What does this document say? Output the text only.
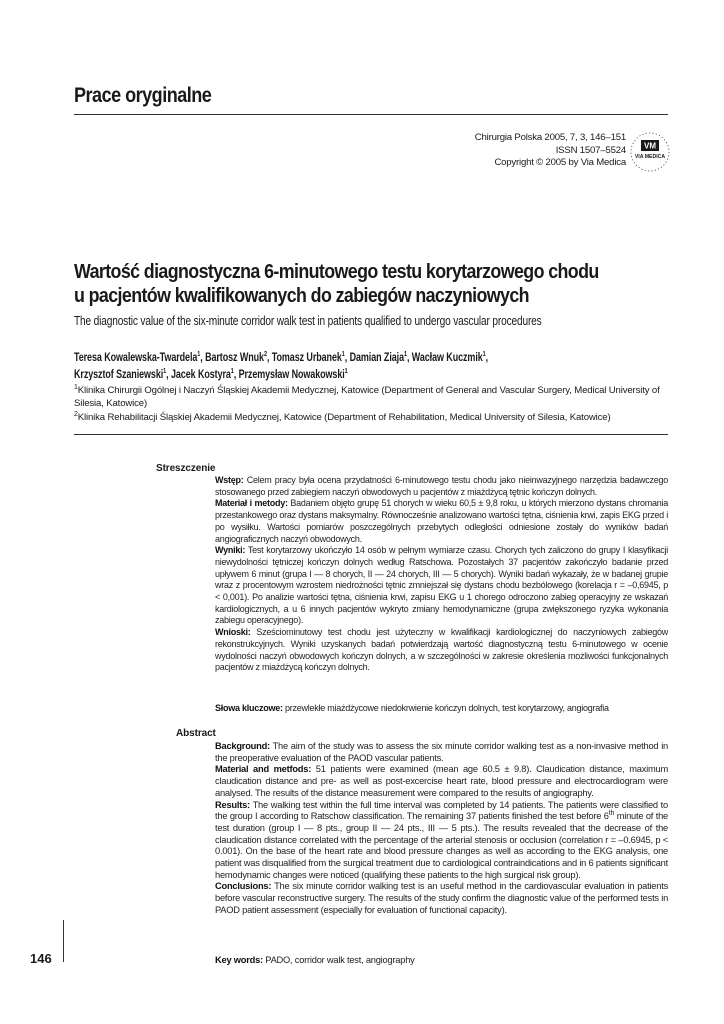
Prace oryginalne
Chirurgia Polska 2005, 7, 3, 146–151
ISSN 1507–5524
Copyright © 2005 by Via Medica
VM
VIA MEDICA
Wartość diagnostyczna 6-minutowego testu korytarzowego chodu
u pacjentów kwalifikowanych do zabiegów naczyniowych
The diagnostic value of the six-minute corridor walk test in patients qualified to undergo vascular procedures
Teresa Kowalewska-Twardela$^1$, Bartosz Wnuk$^2$, Tomasz Urbanek$^1$, Damian Ziaja$^1$, Wacław Kuczmik$^1$,
Krzysztof Szaniewski$^1$, Jacek Kostyra$^1$, Przemysław Nowakowski$^1$
$^1$Klinika Chirurgii Ogólnej i Naczyń Śląskiej Akademii Medycznej, Katowice (Department of General and Vascular Surgery, Medical University of Silesia, Katowice)
$^2$Klinika Rehabilitacji Śląskiej Akademii Medycznej, Katowice (Department of Rehabilitation, Medical University of Silesia, Katowice)
Streszczenie

Wstęp: Celem pracy była ocena przydatności 6-minutowego testu chodu jako nieinwazyjnego narzędzia badawczego stosowanego przed zabiegiem naczyń obwodowych u pacjentów z miażdżycą tętnic kończyn dolnych.

Materiał i metody: Badaniem objęto grupę 51 chorych w wieku 60,5 ± 9,8 roku, u których mierzono dystans chromania przestankowego oraz dystans maksymalny. Równocześnie analizowano wartości tętna, ciśnienia krwi, zapis EKG przed i po wysiłku. Wartości pomiarów poszczególnych przebytych odległości odniesione zostały do wyników badań angiograficznych naczyń obwodowych.

Wyniki: Test korytarzowy ukończyło 14 osób w pełnym wymiarze czasu. Chorych tych zaliczono do grupy I klasyfikacji niewydolności tętniczej kończyn dolnych według Ratschowa. Pozostałych 37 pacjentów zakończyło badanie przed upływem 6 minut (grupa I — 8 chorych, II — 24 chorych, III — 5 chorych). Wyniki badań wykazały, że w badanej grupie wraz z procentowym wzrostem niedrożności tętnic zmniejszał się dystans chodu bezbólowego (korelacja r = –0,6945, p < 0,001). Po analizie wartości tętna, ciśnienia krwi, zapisu EKG u 1 chorego odroczono zabieg operacyjny ze wskazań kardiologicznych, a u 6 innych pacjentów wykryto zmiany hemodynamiczne (grupa zwiększonego ryzyka wykonania zabiegu operacyjnego).

Wnioski: Sześciominutowy test chodu jest użyteczny w kwalifikacji kardiologicznej do naczyniowych zabiegów rekonstrukcyjnych. Wyniki uzyskanych badań potwierdzają wartość diagnostyczną testu 6-minutowego w ocenie wydolności naczyń obwodowych kończyn dolnych, a w szczególności w zakresie określenia możliwości funkcjonalnych pacjentów z miażdżycą kończyn dolnych.

Słowa kluczowe: przewlekłe miażdżycowe niedokrwienie kończyn dolnych, test korytarzowy, angiografia
Abstract

Background: The aim of the study was to assess the six minute corridor walking test as a non-invasive method in the preoperative evaluation of the PAOD vascular patients.

Material and metfods: 51 patients were examined (mean age 60.5 ± 9.8). Claudication distance, maximum claudication distance and pre- as well as post-excercise heart rate, blood pressure and electrocardiogram were analysed. The results of the distance measurement were compared to the results of angiography.

Results: The walking test within the full time interval was completed by 14 patients. The patients were classified to the group I according to Ratschow classification. The remaining 37 patients finished the test before 6th minute of the test duration (group I — 8 pts., group II — 24 pts., III — 5 pts.). The results revealed that the decrease of the claudication distance correlated with the percentage of the arterial stenosis or occlusion (correlation r = –0.6945, p < 0.001). On the base of the heart rate and blood pressure changes as well as according to the EKG analysis, one patient was disqualified from the surgical treatment due to cardiological contraindications and in 6 patients significant hemodynamic changes were noticed (qualifying these patients to the high surgical risk group).

Conclusions: The six minute corridor walking test is an useful method in the cardiovascular evaluation in patients before vascular reconstructive surgery. The results of the study confirm the diagnostic value of the performed tests in PAOD patient assessment (especially for evaluation of functional capacity).

Key words: PADO, corridor walk test, angiography
146
